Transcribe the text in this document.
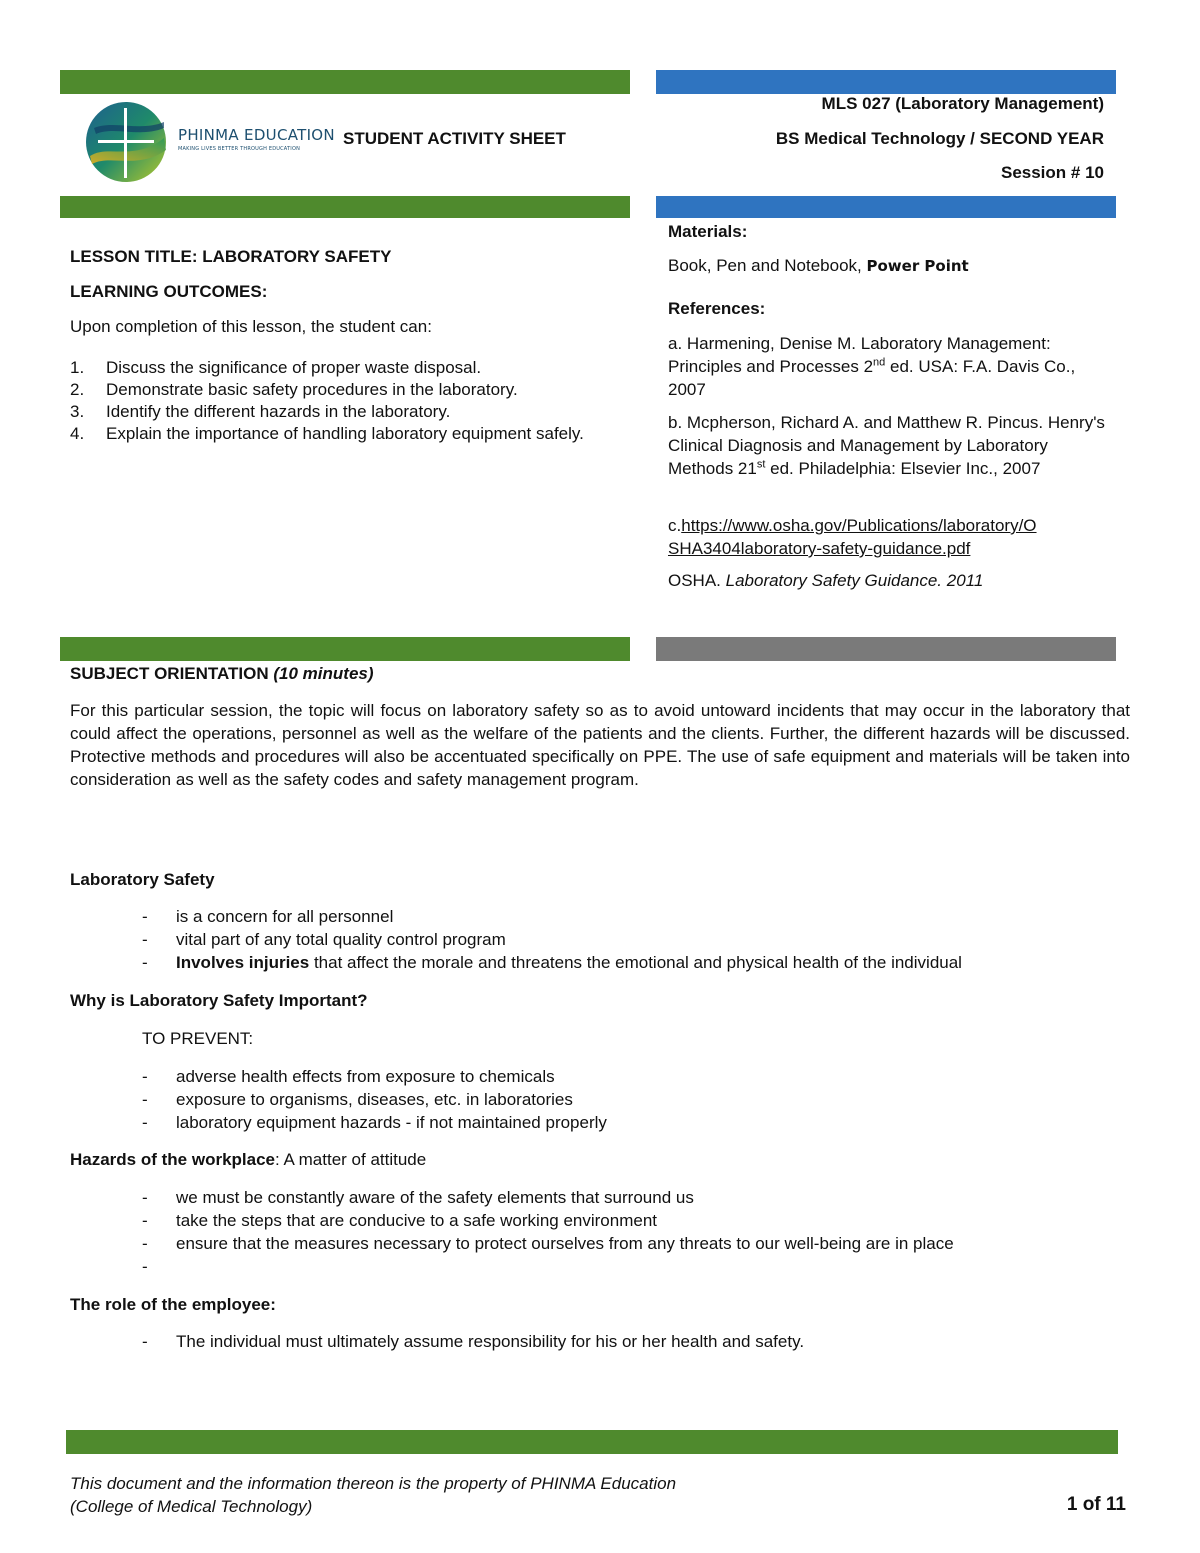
PHINMA EDUCATION
MAKING LIVES BETTER THROUGH EDUCATION
STUDENT ACTIVITY SHEET
MLS 027 (Laboratory Management)
BS Medical Technology / SECOND YEAR
Session # 10
LESSON TITLE: LABORATORY SAFETY
LEARNING OUTCOMES:
Upon completion of this lesson, the student can:
1. Discuss the significance of proper waste disposal.
2. Demonstrate basic safety procedures in the laboratory.
3. Identify the different hazards in the laboratory.
4. Explain the importance of handling laboratory equipment safely.
Materials:
Book, Pen and Notebook, Power Point
References:
a. Harmening, Denise M. Laboratory Management: Principles and Processes 2nd ed. USA: F.A. Davis Co., 2007
b. Mcpherson, Richard A. and Matthew R. Pincus. Henry's Clinical Diagnosis and Management by Laboratory Methods 21st ed. Philadelphia: Elsevier Inc., 2007
c.https://www.osha.gov/Publications/laboratory/O
SHA3404laboratory-safety-guidance.pdf
OSHA. Laboratory Safety Guidance. 2011
SUBJECT ORIENTATION (10 minutes)
For this particular session, the topic will focus on laboratory safety so as to avoid untoward incidents that may occur in the laboratory that could affect the operations, personnel as well as the welfare of the patients and the clients. Further, the different hazards will be discussed. Protective methods and procedures will also be accentuated specifically on PPE. The use of safe equipment and materials will be taken into consideration as well as the safety codes and safety management program.
Laboratory Safety
- is a concern for all personnel
- vital part of any total quality control program
- Involves injuries that affect the morale and threatens the emotional and physical health of the individual
Why is Laboratory Safety Important?
TO PREVENT:
- adverse health effects from exposure to chemicals
- exposure to organisms, diseases, etc. in laboratories
- laboratory equipment hazards - if not maintained properly
Hazards of the workplace: A matter of attitude
- we must be constantly aware of the safety elements that surround us
- take the steps that are conducive to a safe working environment
- ensure that the measures necessary to protect ourselves from any threats to our well-being are in place
-

The role of the employee:
- The individual must ultimately assume responsibility for his or her health and safety.
This document and the information thereon is the property of PHINMA Education (College of Medical Technology)	1 of 11
